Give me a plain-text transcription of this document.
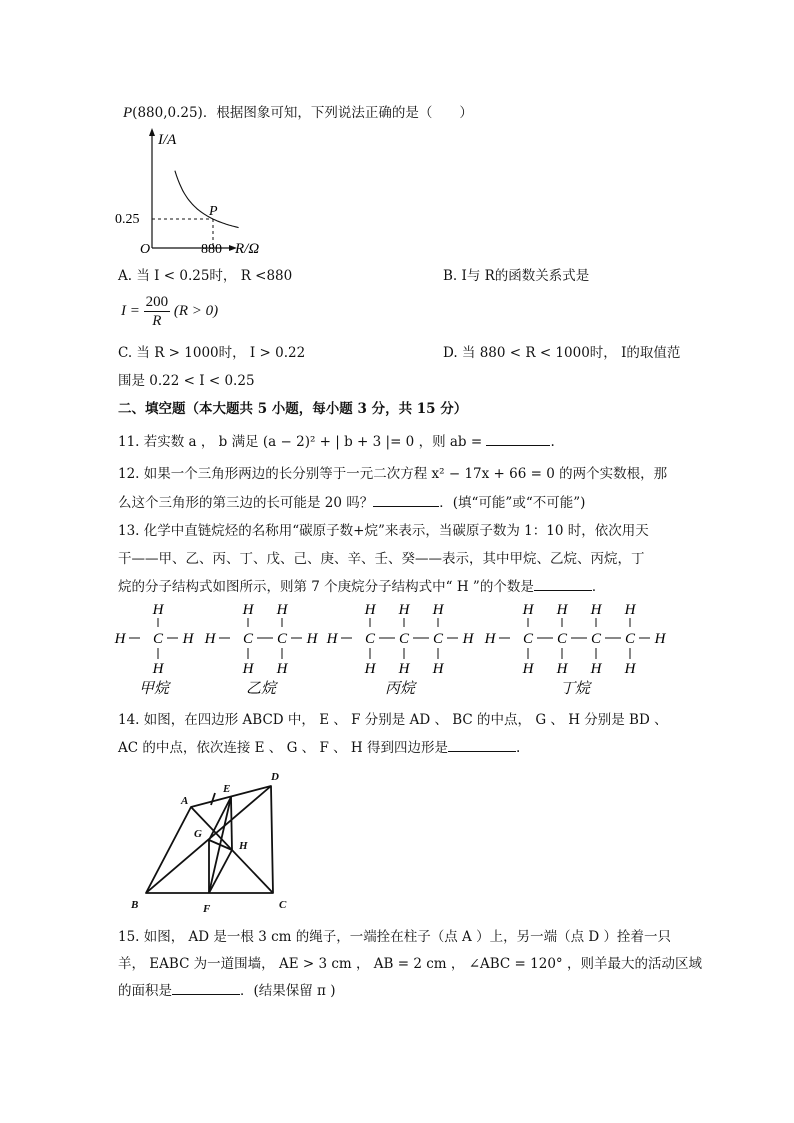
P(880,0.25)．根据图象可知，下列说法正确的是（　　）
I/A
P
0.25
O	880 R/Ω
A. 当 I < 0.25时， R <880	B. I与 R的函数关系式是
$I = \frac{200}{R} (R > 0)$
C. 当 R > 1000时， I > 0.22	D. 当 880 < R < 1000时， I的取值范
围是 0.22 < I < 0.25
二、填空题（本大题共 5 小题，每小题 3 分，共 15 分）
11. 若实数 a ， b 满足 (a − 2)² + | b + 3 |= 0 ，则 ab =	.
12. 如果一个三角形两边的长分别等于一元二次方程 x² − 17x + 66 = 0 的两个实数根，那
么这个三角形的第三边的长可能是 20 吗？	．(填“可能”或“不可能”)
13. 化学中直链烷烃的名称用“碳原子数+烷”来表示，当碳原子数为 1：10 时，依次用天
干——甲、乙、丙、丁、戊、己、庚、辛、壬、癸——表示，其中甲烷、乙烷、丙烷，丁
烷的分子结构式如图所示，则第 7 个庚烷分子结构式中“ H ”的个数是	．
H C
H
H
H
甲烷
H C
H
H
C
H
H
H
乙烷
H C
H
H
C
H
H
C
H
H
H
丙烷
H C
H
H
C
H
H
C
H
H
C
H
H
H
丁烷
14. 如图，在四边形 ABCD 中， E 、 F 分别是 AD 、 BC 的中点， G 、 H 分别是 BD 、
AC 的中点，依次连接 E 、 G 、 F 、 H 得到四边形是	.
A
D
E
G
H
B	F	C
15. 如图， AD 是一根 3 cm 的绳子，一端拴在柱子（点 A ）上，另一端（点 D ）拴着一只
羊， EABC 为一道围墙， AE > 3 cm ， AB = 2 cm ， ∠ABC = 120° ，则羊最大的活动区域
的面积是	．(结果保留 π )
